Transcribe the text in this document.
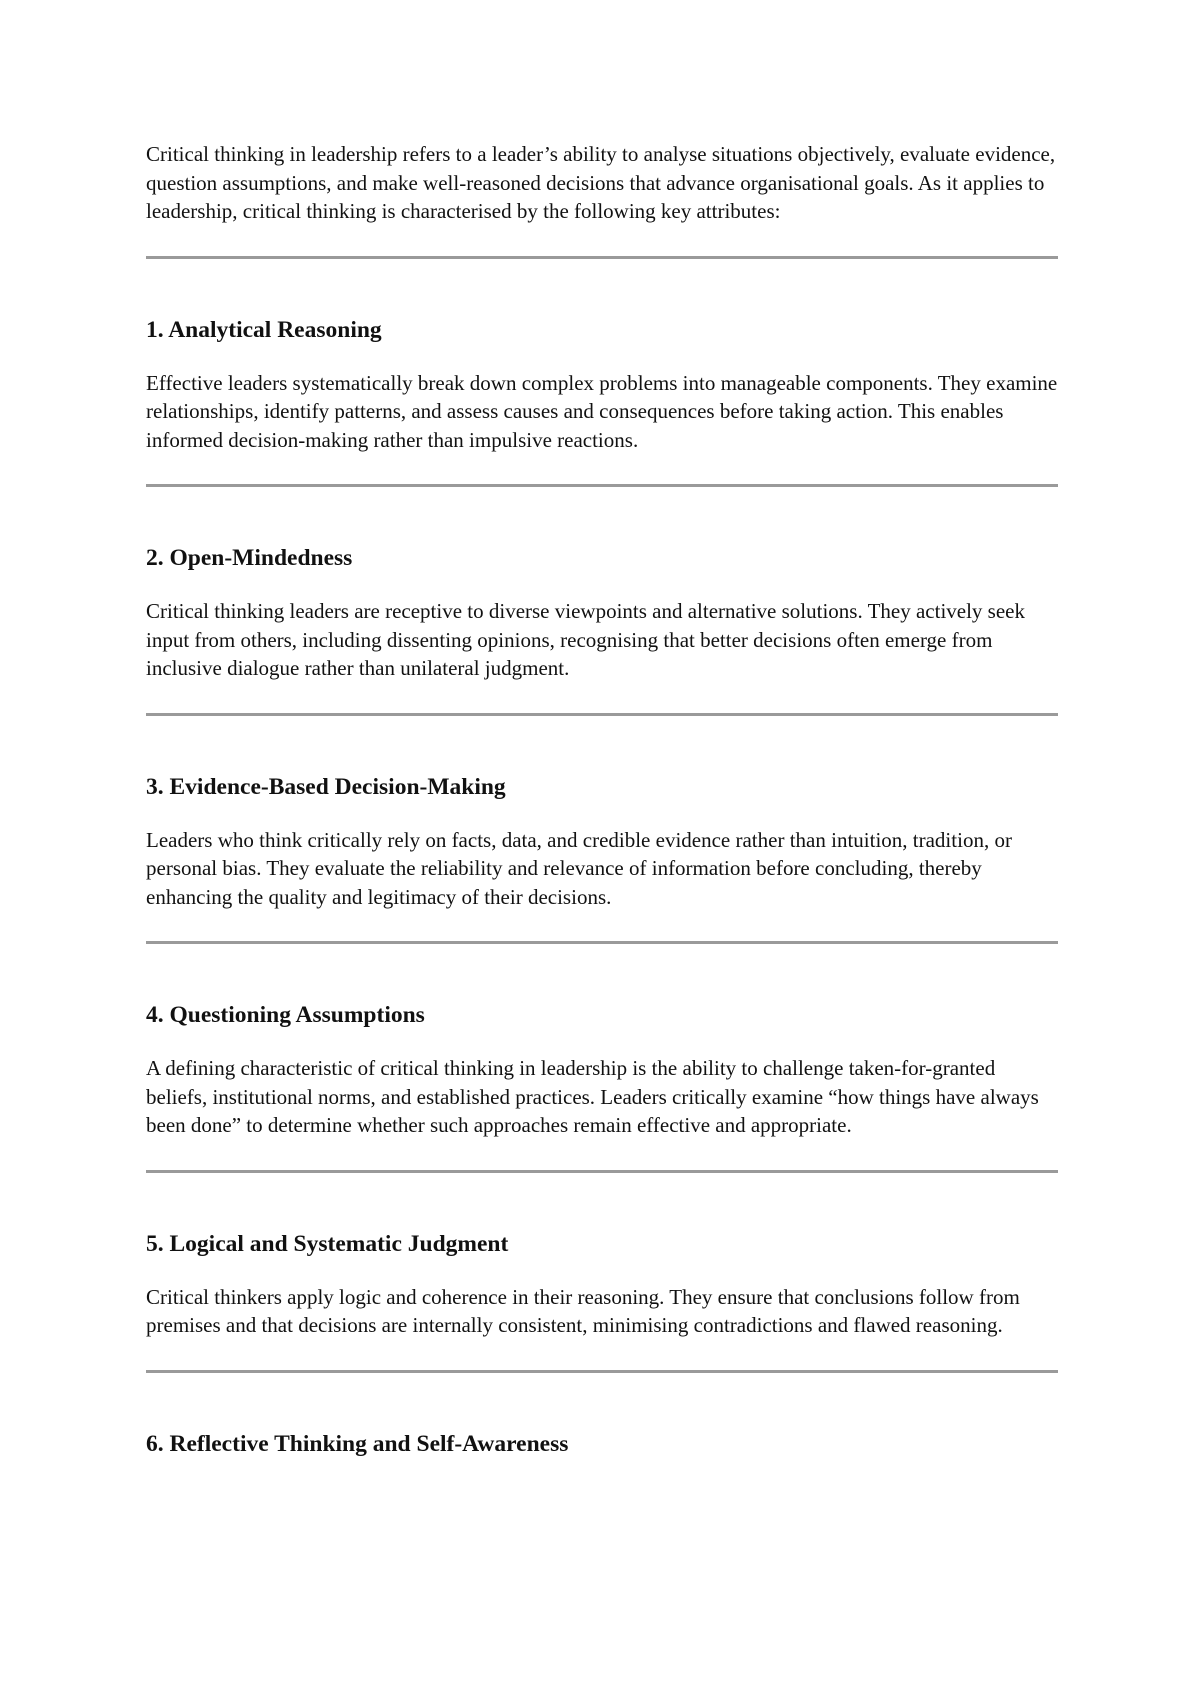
Critical thinking in leadership refers to a leader’s ability to analyse situations objectively, evaluate evidence, question assumptions, and make well-reasoned decisions that advance organisational goals. As it applies to leadership, critical thinking is characterised by the following key attributes:

1. Analytical Reasoning

Effective leaders systematically break down complex problems into manageable components. They examine relationships, identify patterns, and assess causes and consequences before taking action. This enables informed decision-making rather than impulsive reactions.

2. Open-Mindedness

Critical thinking leaders are receptive to diverse viewpoints and alternative solutions. They actively seek input from others, including dissenting opinions, recognising that better decisions often emerge from inclusive dialogue rather than unilateral judgment.

3. Evidence-Based Decision-Making

Leaders who think critically rely on facts, data, and credible evidence rather than intuition, tradition, or personal bias. They evaluate the reliability and relevance of information before concluding, thereby enhancing the quality and legitimacy of their decisions.

4. Questioning Assumptions

A defining characteristic of critical thinking in leadership is the ability to challenge taken-for-granted beliefs, institutional norms, and established practices. Leaders critically examine “how things have always been done” to determine whether such approaches remain effective and appropriate.

5. Logical and Systematic Judgment

Critical thinkers apply logic and coherence in their reasoning. They ensure that conclusions follow from premises and that decisions are internally consistent, minimising contradictions and flawed reasoning.

6. Reflective Thinking and Self-Awareness
